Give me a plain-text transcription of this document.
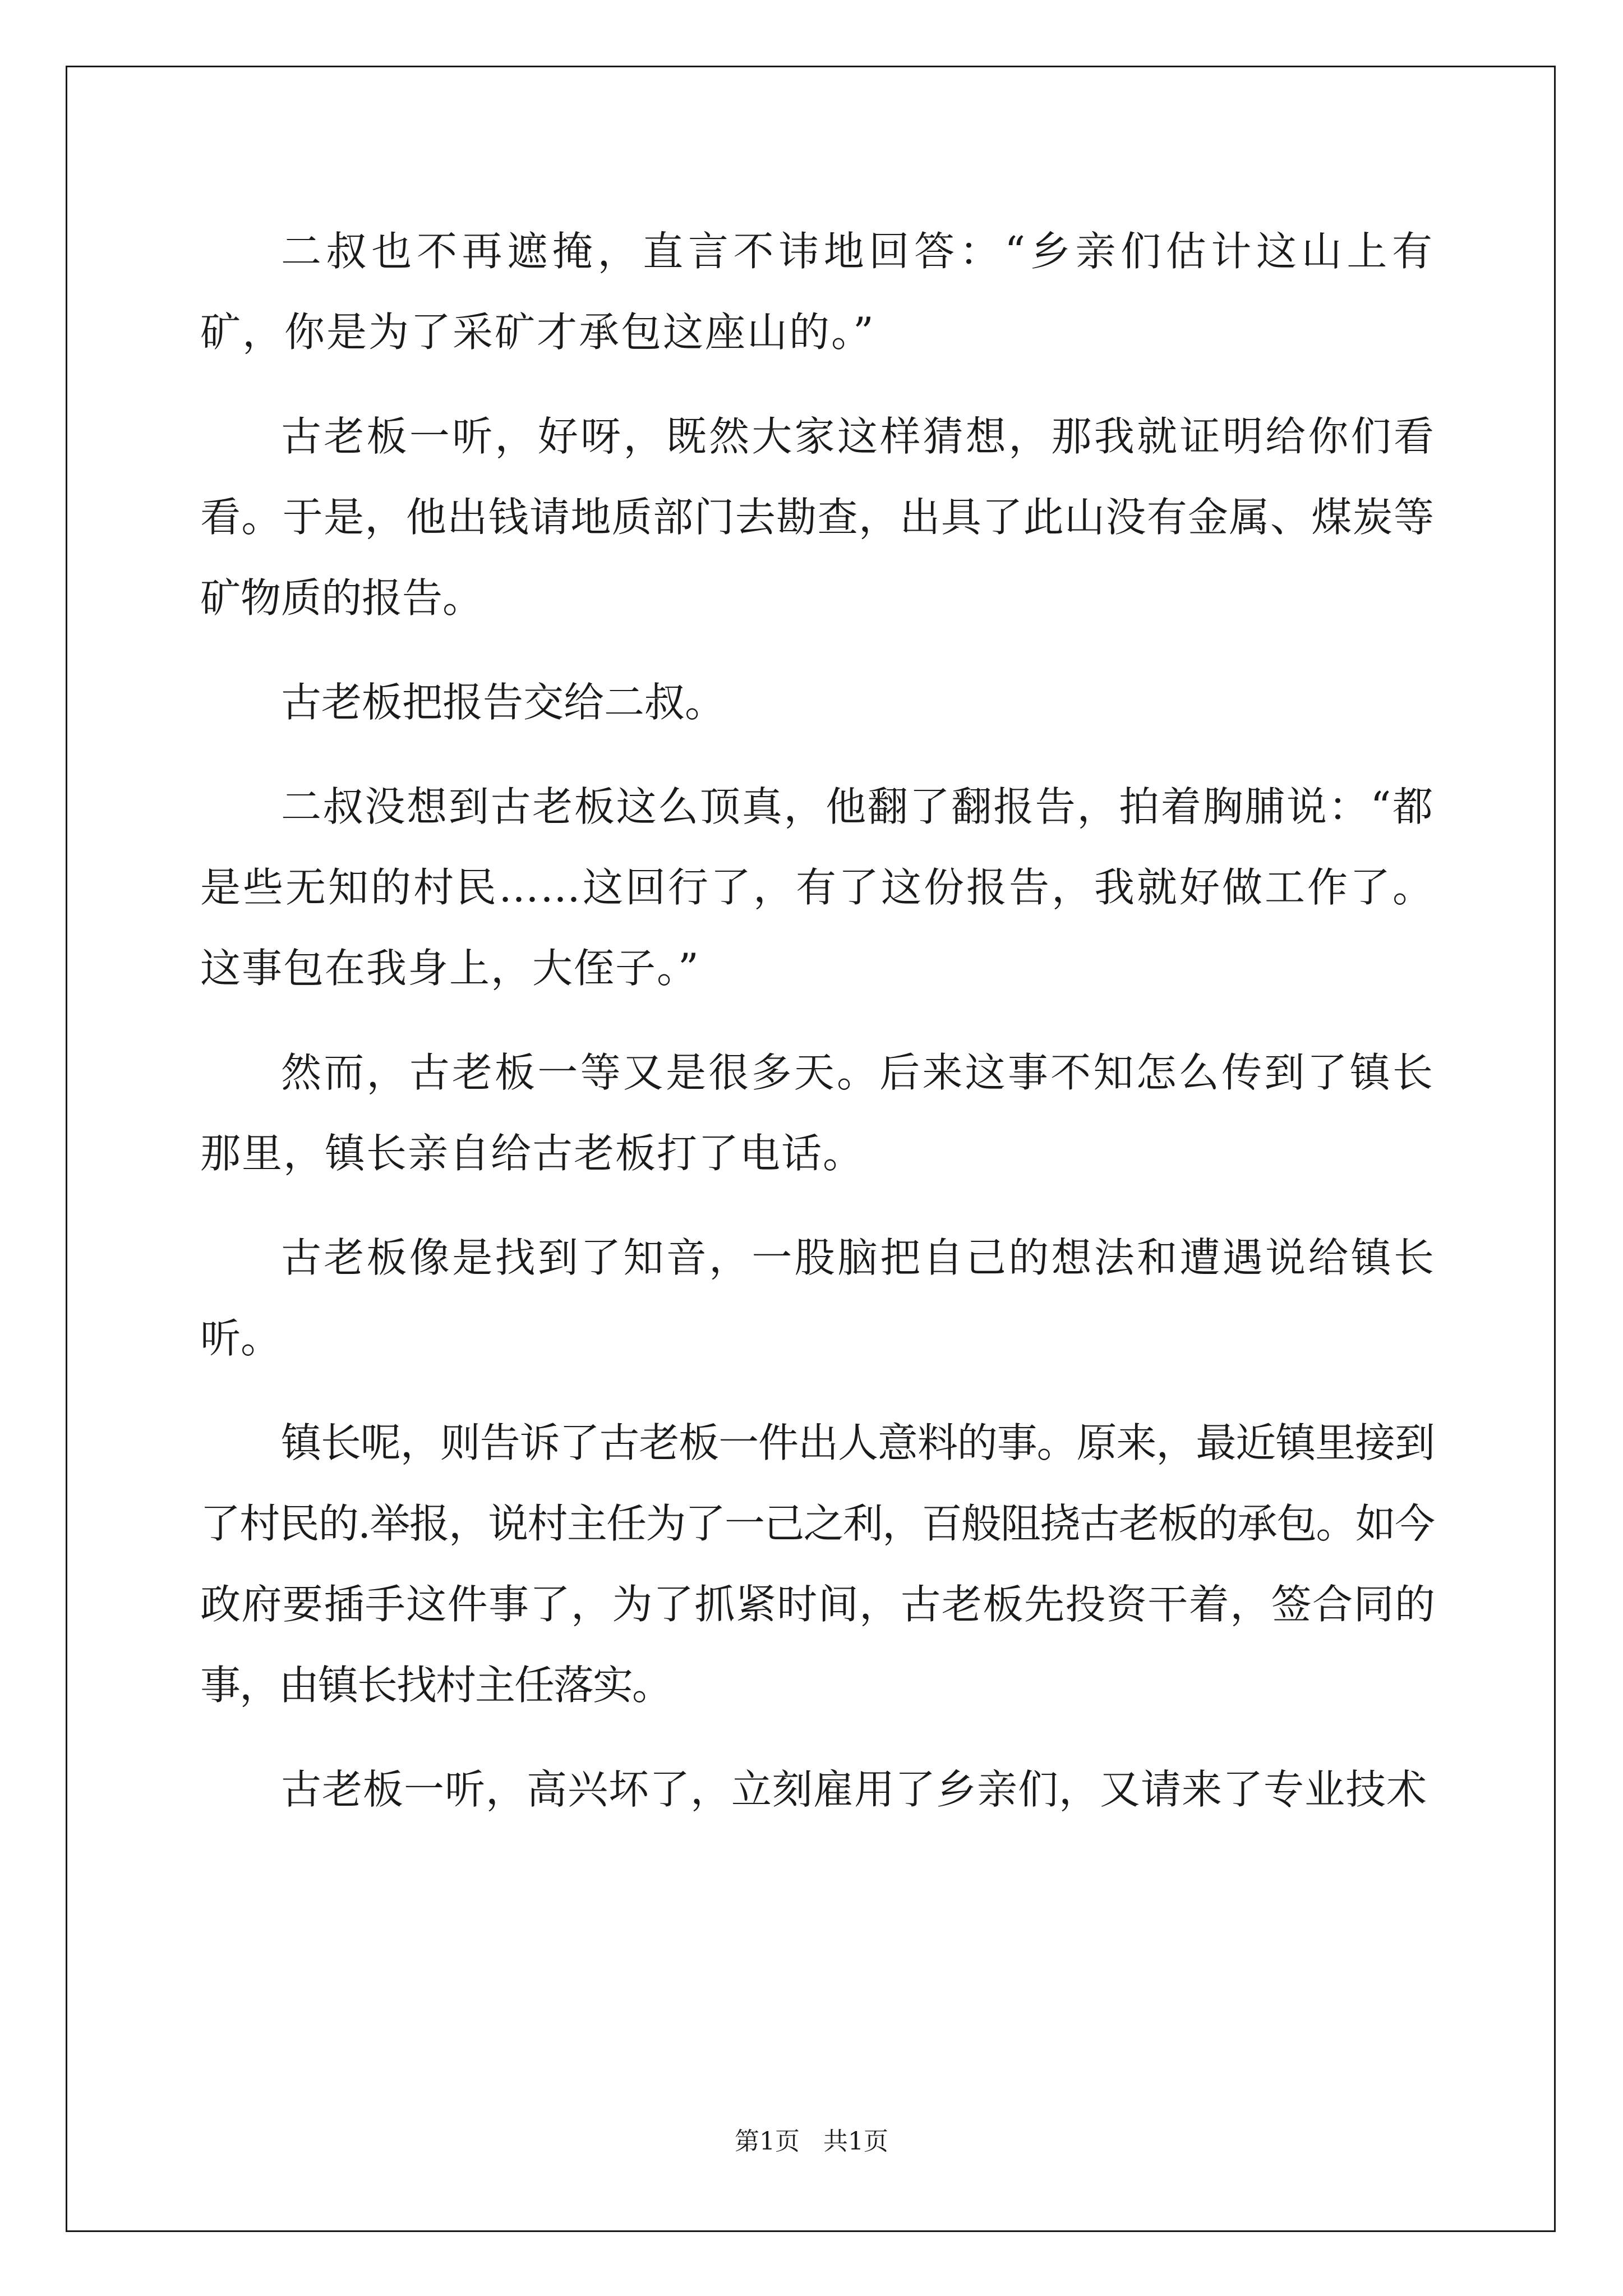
二叔也不再遮掩，直言不讳地回答：“乡亲们估计这山上有矿，你是为了采矿才承包这座山的。”

古老板一听，好呀，既然大家这样猜想，那我就证明给你们看看。于是，他出钱请地质部门去勘查，出具了此山没有金属、煤炭等矿物质的报告。

古老板把报告交给二叔。

二叔没想到古老板这么顶真，他翻了翻报告，拍着胸脯说：“都是些无知的村民……这回行了，有了这份报告，我就好做工作了。这事包在我身上，大侄子。”

然而，古老板一等又是很多天。后来这事不知怎么传到了镇长那里，镇长亲自给古老板打了电话。

古老板像是找到了知音，一股脑把自己的想法和遭遇说给镇长听。

镇长呢，则告诉了古老板一件出人意料的事。原来，最近镇里接到了村民的.举报，说村主任为了一己之利，百般阻挠古老板的承包。如今政府要插手这件事了，为了抓紧时间，古老板先投资干着，签合同的事，由镇长找村主任落实。

古老板一听，高兴坏了，立刻雇用了乡亲们，又请来了专业技术

第1页 共1页
